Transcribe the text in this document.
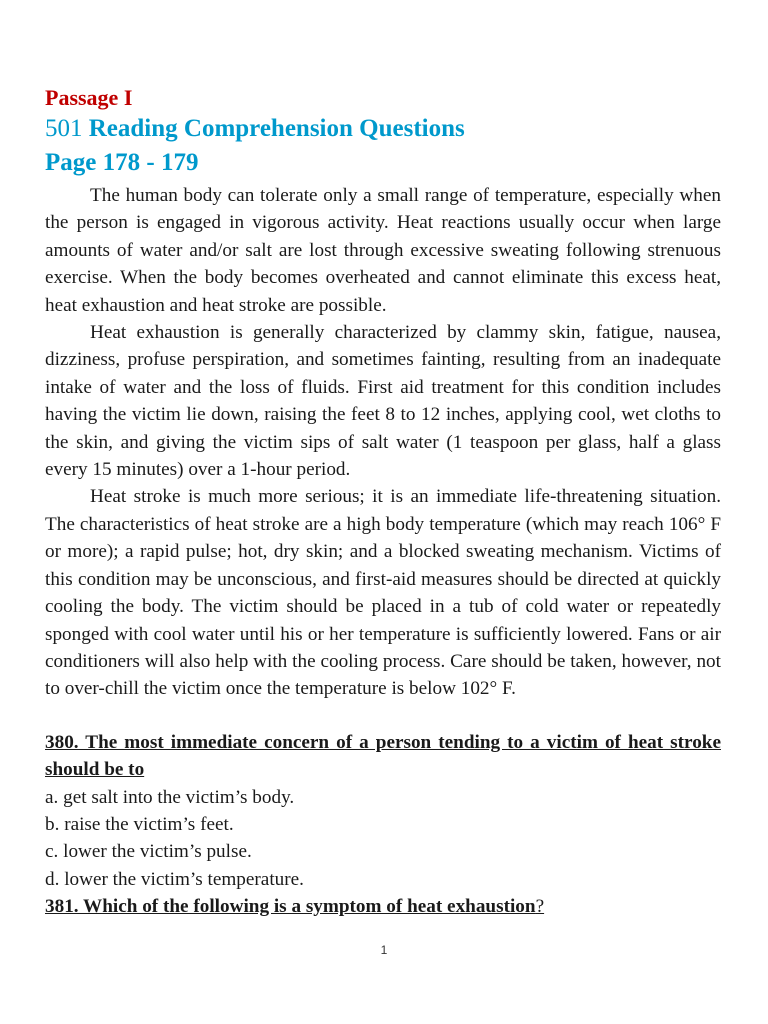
Passage I

501 Reading Comprehension Questions

Page 178 - 179

The human body can tolerate only a small range of temperature, especially when the person is engaged in vigorous activity. Heat reactions usually occur when large amounts of water and/or salt are lost through excessive sweating following strenuous exercise. When the body becomes overheated and cannot eliminate this excess heat, heat exhaustion and heat stroke are possible.

Heat exhaustion is generally characterized by clammy skin, fatigue, nausea, dizziness, profuse perspiration, and sometimes fainting, resulting from an inadequate intake of water and the loss of fluids. First aid treatment for this condition includes having the victim lie down, raising the feet 8 to 12 inches, applying cool, wet cloths to the skin, and giving the victim sips of salt water (1 teaspoon per glass, half a glass every 15 minutes) over a 1-hour period.

Heat stroke is much more serious; it is an immediate life-threatening situation. The characteristics of heat stroke are a high body temperature (which may reach 106° F or more); a rapid pulse; hot, dry skin; and a blocked sweating mechanism. Victims of this condition may be unconscious, and first-aid measures should be directed at quickly cooling the body. The victim should be placed in a tub of cold water or repeatedly sponged with cool water until his or her temperature is sufficiently lowered. Fans or air conditioners will also help with the cooling process. Care should be taken, however, not to over-chill the victim once the temperature is below 102° F.

380. The most immediate concern of a person tending to a victim of heat stroke should be to

a. get salt into the victim’s body.
b. raise the victim’s feet.
c. lower the victim’s pulse.
d. lower the victim’s temperature.

381. Which of the following is a symptom of heat exhaustion?

1
